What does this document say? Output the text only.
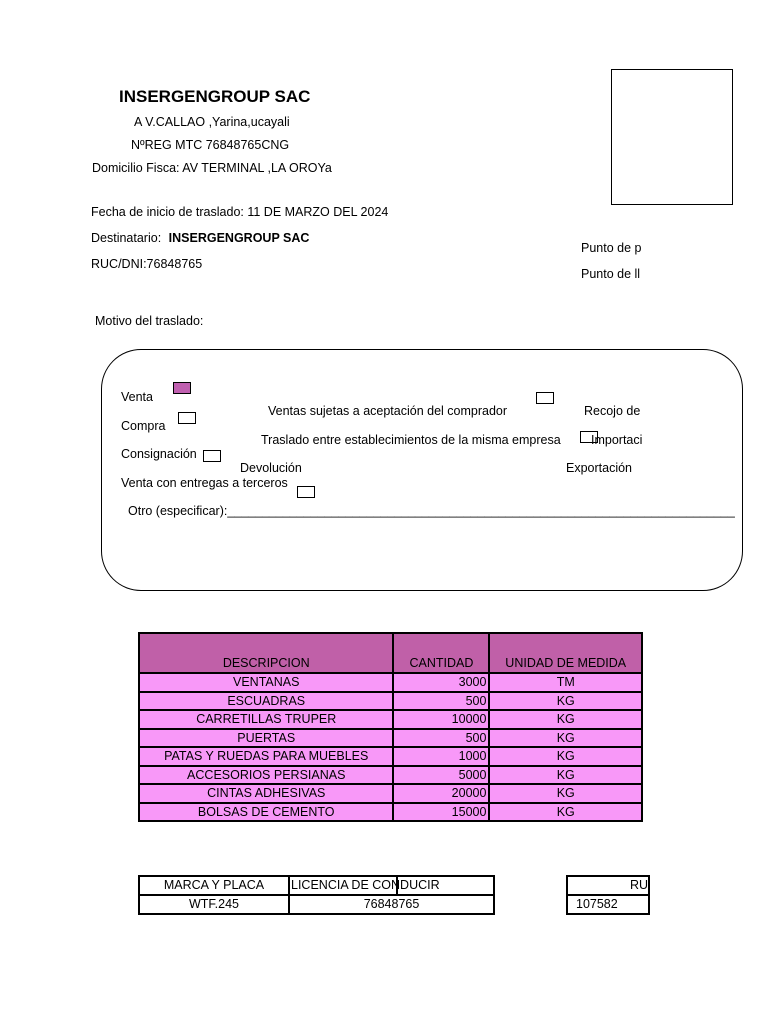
INSERGENGROUP SAC
A V.CALLAO ,Yarina,ucayali
NºREG MTC 76848765CNG
Domicilio Fisca: AV TERMINAL ,LA OROYa
Fecha de inicio de traslado: 11 DE MARZO DEL 2024
Destinatario: INSERGENGROUP SAC
RUC/DNI:76848765
Punto de p
Punto de ll
Motivo del traslado:
Venta
Compra
Consignación
Venta con entregas a terceros
Ventas sujetas a aceptación del comprador
Traslado entre establecimientos de la misma empresa
Devolución
Recojo de
Importaci
Exportación
Otro (especificar):_________________________________________________________________________
DESCRIPCION	CANTIDAD	UNIDAD DE MEDIDA
VENTANAS	3000	TM
ESCUADRAS	500	KG
CARRETILLAS TRUPER	10000	KG
PUERTAS	500	KG
PATAS Y RUEDAS PARA MUEBLES	1000	KG
ACCESORIOS PERSIANAS	5000	KG
CINTAS ADHESIVAS	20000	KG
BOLSAS DE CEMENTO	15000	KG
MARCA Y PLACA	LICENCIA DE CONDUCIR

WTF.245	76848765
RU
107582
